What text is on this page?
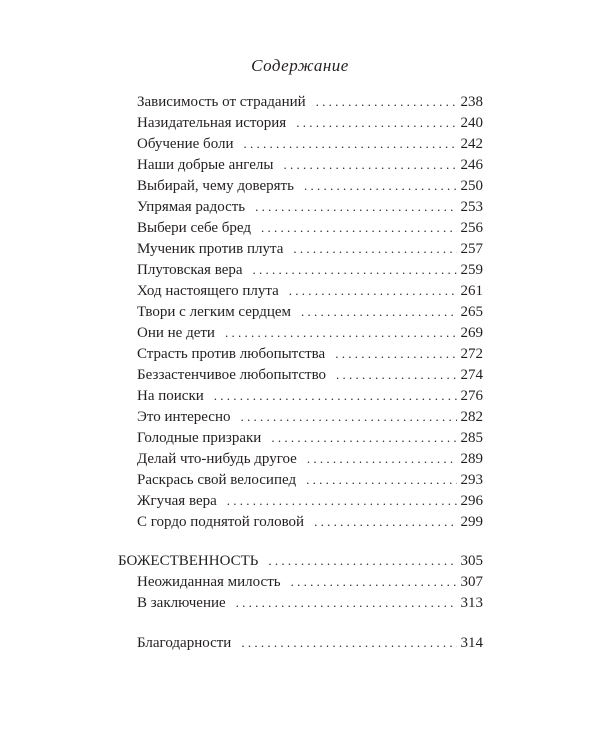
Содержание
Зависимость от страданий . . .	238
Назидательная история . . .	240
Обучение боли . . .	242
Наши добрые ангелы . . .	246
Выбирай, чему доверять . . .	250
Упрямая радость . . .	253
Выбери себе бред . . .	256
Мученик против плута . . .	257
Плутовская вера . . .	259
Ход настоящего плута . . .	261
Твори с легким сердцем . . .	265
Они не дети . . .	269
Страсть против любопытства . . .	272
Беззастенчивое любопытство . . .	274
На поиски . . .	276
Это интересно . . .	282
Голодные призраки . . .	285
Делай что-нибудь другое . . .	289
Раскрась свой велосипед . . .	293
Жгучая вера . . .	296
С гордо поднятой головой . . .	299
БОЖЕСТВЕННОСТЬ . . .	305
Неожиданная милость . . .	307
В заключение . . .	313
Благодарности . . .	314
